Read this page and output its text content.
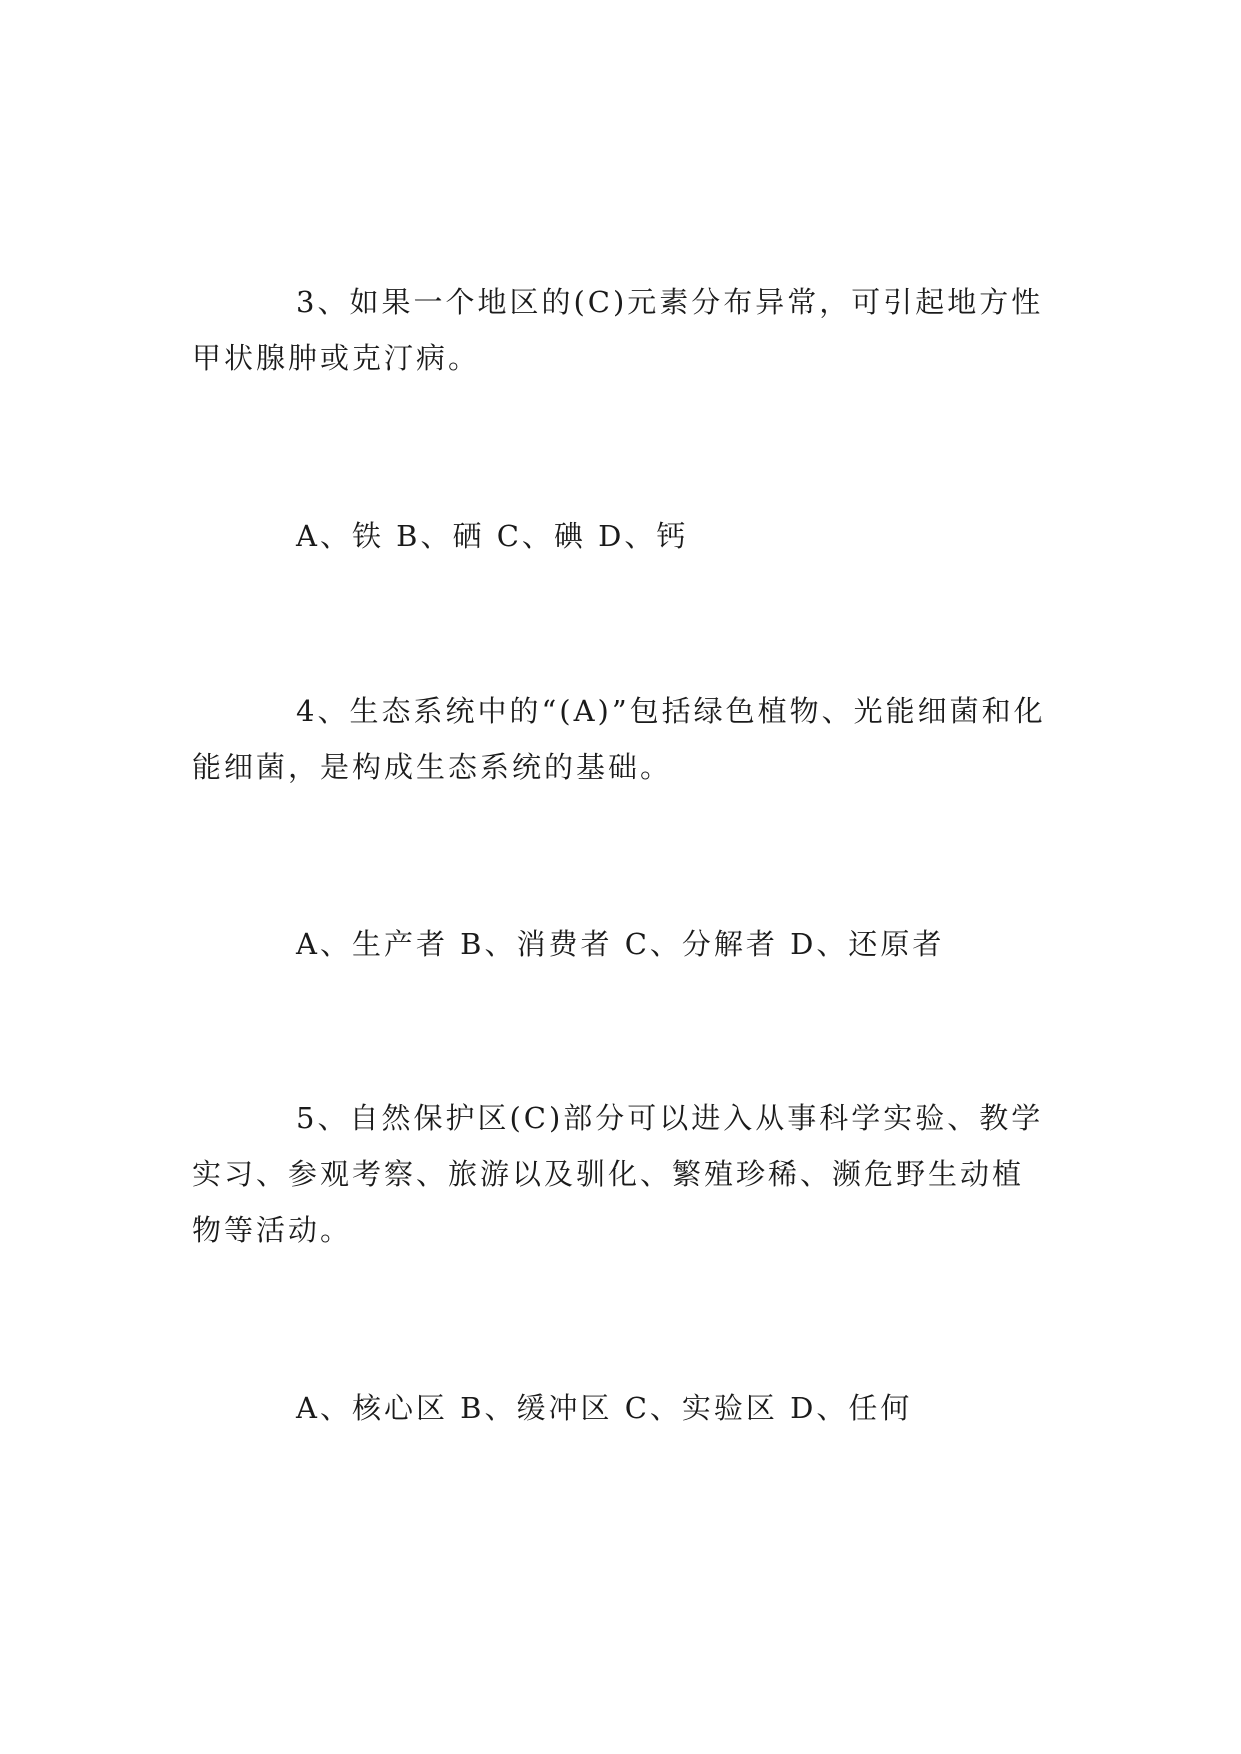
3、如果一个地区的(C)元素分布异常，可引起地方性甲状腺肿或克汀病。

A、铁 B、硒 C、碘 D、钙

4、生态系统中的“(A)”包括绿色植物、光能细菌和化能细菌，是构成生态系统的基础。

A、生产者 B、消费者 C、分解者 D、还原者

5、自然保护区(C)部分可以进入从事科学实验、教学实习、参观考察、旅游以及驯化、繁殖珍稀、濒危野生动植物等活动。

A、核心区 B、缓冲区 C、实验区 D、任何
